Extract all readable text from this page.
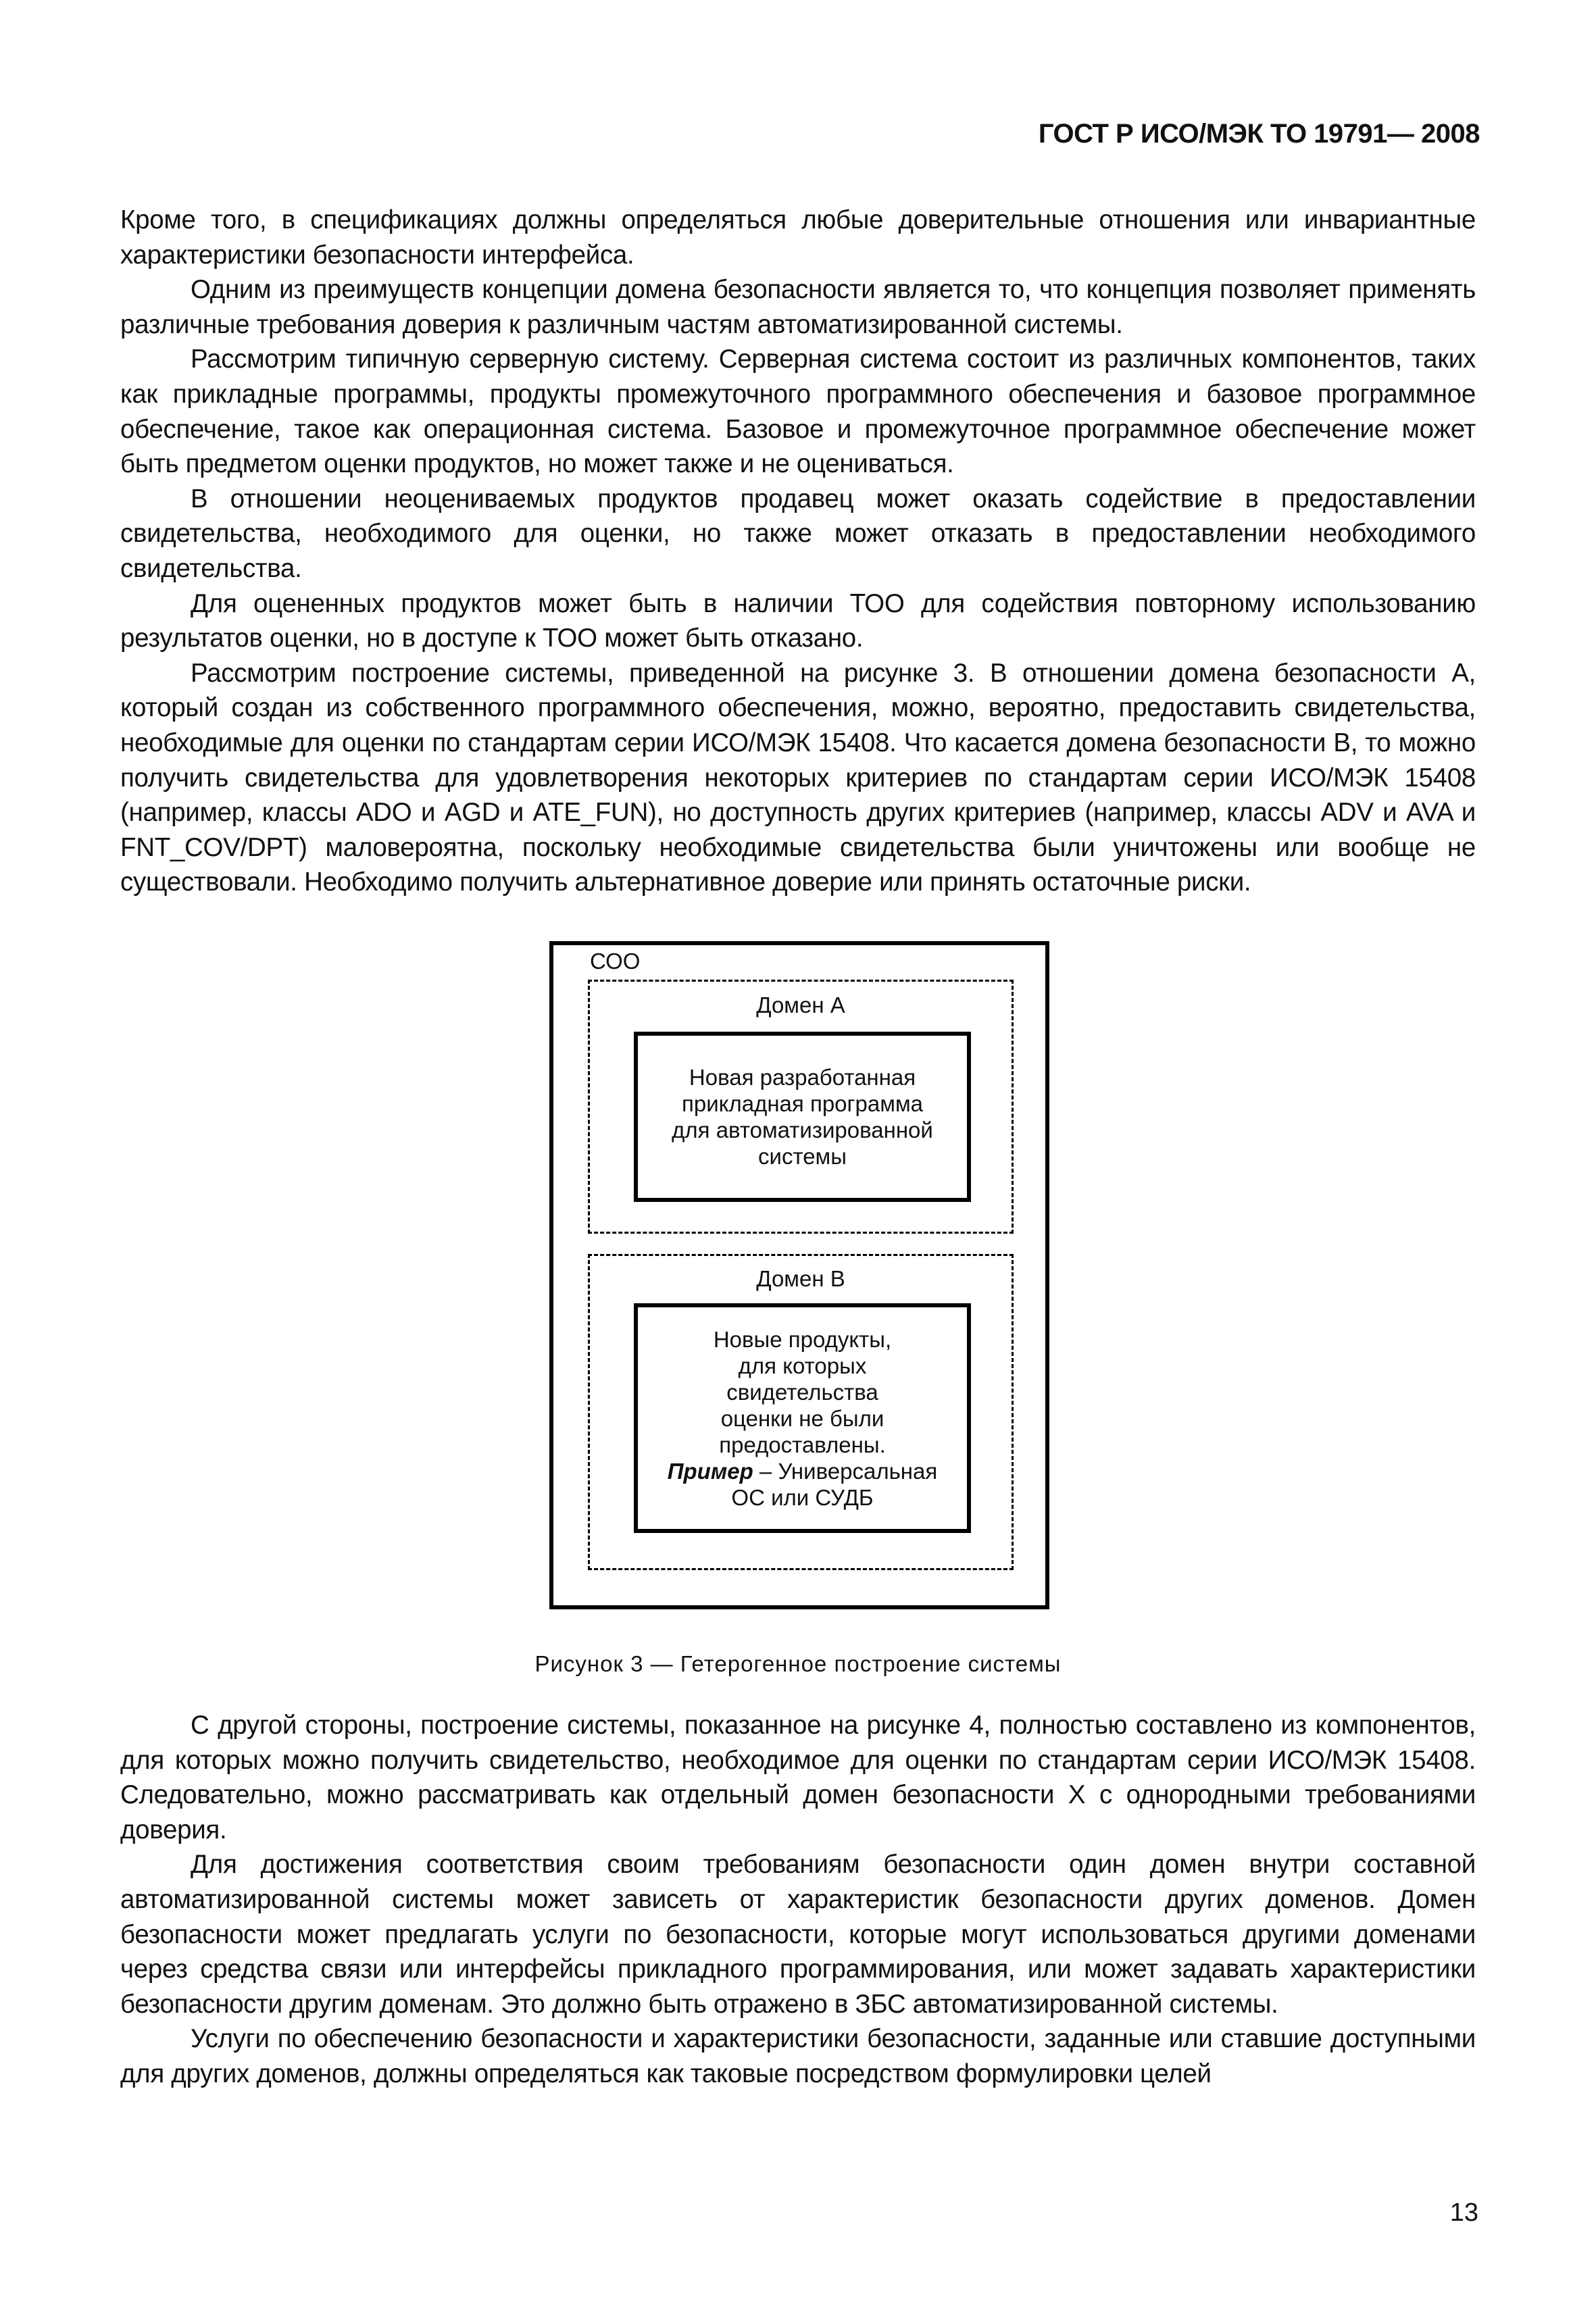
ГОСТ Р ИСО/МЭК ТО 19791— 2008

Кроме того, в спецификациях должны определяться любые доверительные отношения или инвариантные характеристики безопасности интерфейса.

Одним из преимуществ концепции домена безопасности является то, что концепция позволяет применять различные требования доверия к различным частям автоматизированной системы.

Рассмотрим типичную серверную систему. Серверная система состоит из различных компонентов, таких как прикладные программы, продукты промежуточного программного обеспечения и базовое программное обеспечение, такое как операционная система. Базовое и промежуточное программное обеспечение может быть предметом оценки продуктов, но может также и не оцениваться.

В отношении неоцениваемых продуктов продавец может оказать содействие в предоставлении свидетельства, необходимого для оценки, но также может отказать в предоставлении необходимого свидетельства.

Для оцененных продуктов может быть в наличии ТОО для содействия повторному использованию результатов оценки, но в доступе к ТОО может быть отказано.

Рассмотрим построение системы, приведенной на рисунке 3. В отношении домена безопасности А, который создан из собственного программного обеспечения, можно, вероятно, предоставить свидетельства, необходимые для оценки по стандартам серии ИСО/МЭК 15408. Что касается домена безопасности В, то можно получить свидетельства для удовлетворения некоторых критериев по стандартам серии ИСО/МЭК 15408 (например, классы ADO и AGD и ATE_FUN), но доступность других критериев (например, классы ADV и AVA и FNT_COV/DPT) маловероятна, поскольку необходимые свидетельства были уничтожены или вообще не существовали. Необходимо получить альтернативное доверие или принять остаточные риски.

СОО
Домен А
Новая разработанная
прикладная программа
для автоматизированной
системы
Домен В
Новые продукты,
для которых
свидетельства
оценки не были
предоставлены.
Пример – Универсальная
ОС или СУДБ
Рисунок 3 — Гетерогенное построение системы

С другой стороны, построение системы, показанное на рисунке 4, полностью составлено из компонентов, для которых можно получить свидетельство, необходимое для оценки по стандартам серии ИСО/МЭК 15408. Следовательно, можно рассматривать как отдельный домен безопасности X с однородными требованиями доверия.

Для достижения соответствия своим требованиям безопасности один домен внутри составной автоматизированной системы может зависеть от характеристик безопасности других доменов. Домен безопасности может предлагать услуги по безопасности, которые могут использоваться другими доменами через средства связи или интерфейсы прикладного программирования, или может задавать характеристики безопасности другим доменам. Это должно быть отражено в ЗБС автоматизированной системы.

Услуги по обеспечению безопасности и характеристики безопасности, заданные или ставшие доступными для других доменов, должны определяться как таковые посредством формулировки целей

13
